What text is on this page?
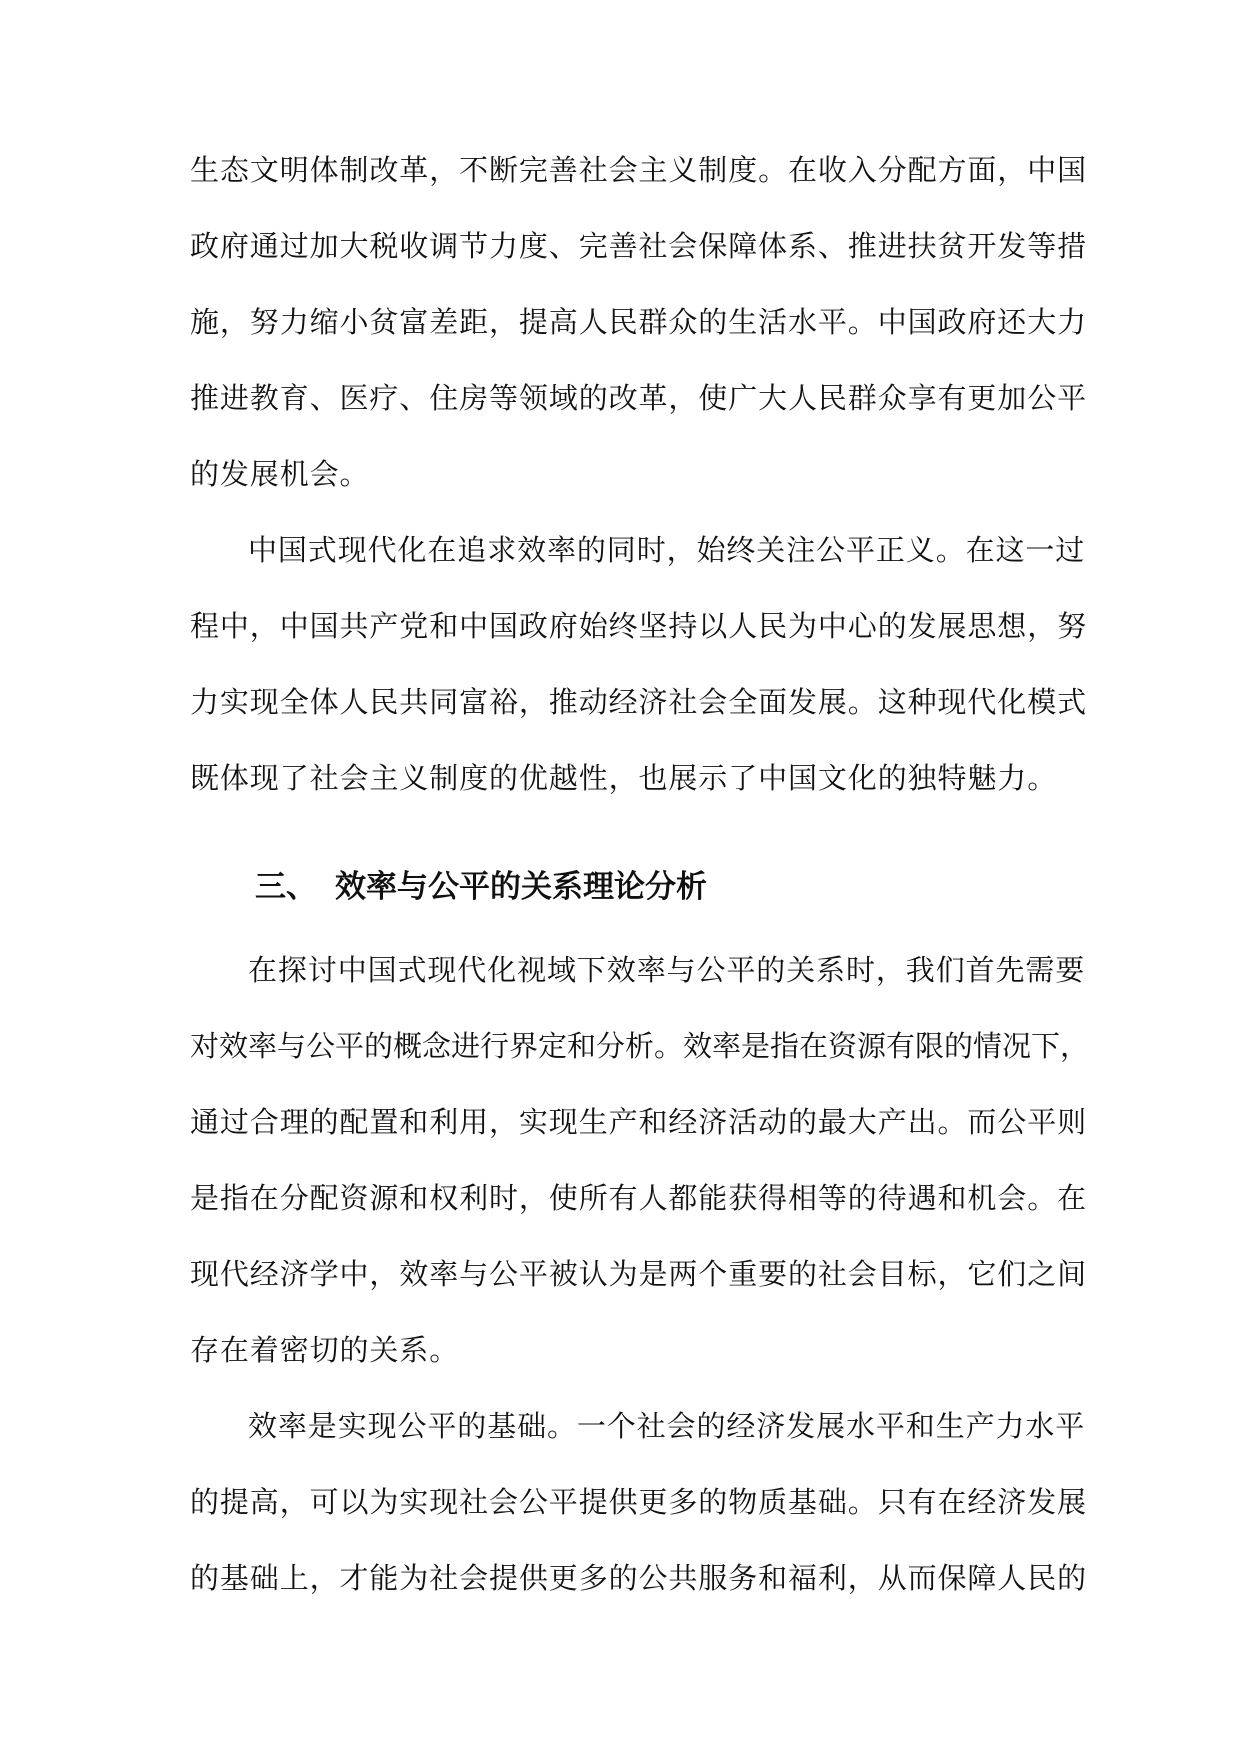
生态文明体制改革，不断完善社会主义制度。在收入分配方面，中国
政府通过加大税收调节力度、完善社会保障体系、推进扶贫开发等措
施，努力缩小贫富差距，提高人民群众的生活水平。中国政府还大力
推进教育、医疗、住房等领域的改革，使广大人民群众享有更加公平
的发展机会。
中国式现代化在追求效率的同时，始终关注公平正义。在这一过
程中，中国共产党和中国政府始终坚持以人民为中心的发展思想，努
力实现全体人民共同富裕，推动经济社会全面发展。这种现代化模式
既体现了社会主义制度的优越性，也展示了中国文化的独特魅力。
三、 效率与公平的关系理论分析
在探讨中国式现代化视域下效率与公平的关系时，我们首先需要
对效率与公平的概念进行界定和分析。效率是指在资源有限的情况下，
通过合理的配置和利用，实现生产和经济活动的最大产出。而公平则
是指在分配资源和权利时，使所有人都能获得相等的待遇和机会。在
现代经济学中，效率与公平被认为是两个重要的社会目标，它们之间
存在着密切的关系。
效率是实现公平的基础。一个社会的经济发展水平和生产力水平
的提高，可以为实现社会公平提供更多的物质基础。只有在经济发展
的基础上，才能为社会提供更多的公共服务和福利，从而保障人民的
